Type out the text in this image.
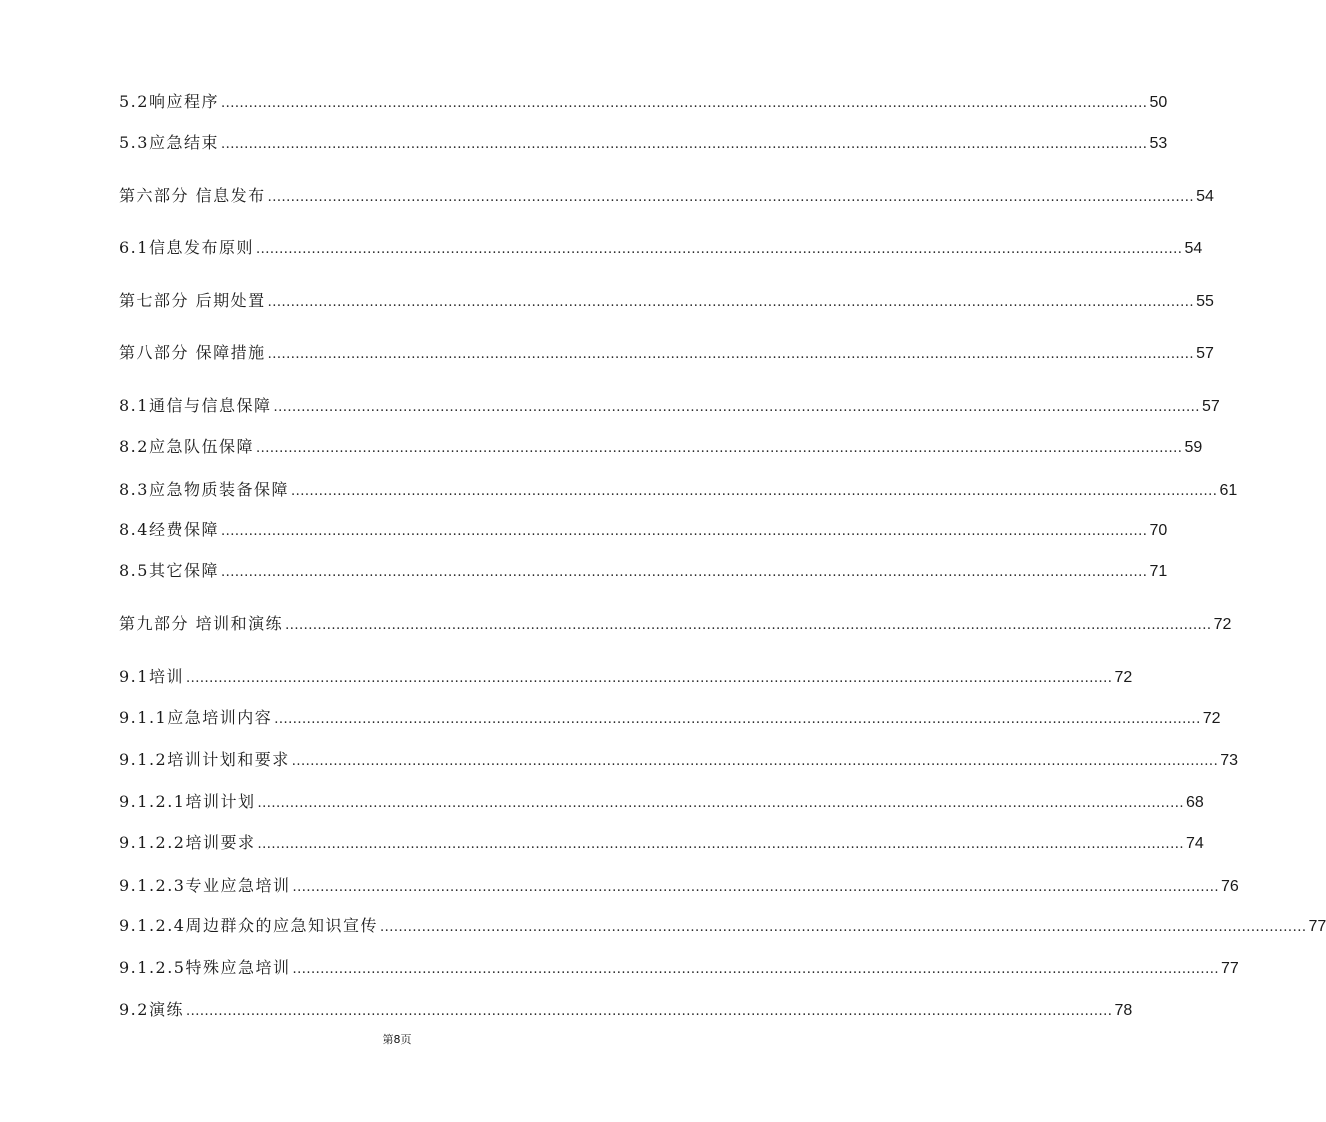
5.2 响应程序 ........................................................................................................................................................................................................ 50
5.3 应急结束 ........................................................................................................................................................................................................ 53
第六部分 信息发布 ........................................................................................................................................................................................................ 54
6.1 信息发布原则 ........................................................................................................................................................................................................ 54
第七部分 后期处置 ........................................................................................................................................................................................................ 55
第八部分 保障措施 ........................................................................................................................................................................................................ 57
8.1 通信与信息保障 ........................................................................................................................................................................................................ 57
8.2 应急队伍保障 ........................................................................................................................................................................................................ 59
8.3 应急物质装备保障 ........................................................................................................................................................................................................ 61
8.4 经费保障 ........................................................................................................................................................................................................ 70
8.5 其它保障 ........................................................................................................................................................................................................ 71
第九部分 培训和演练 ........................................................................................................................................................................................................ 72
9.1 培训 ........................................................................................................................................................................................................ 72
9.1.1 应急培训内容 ........................................................................................................................................................................................................ 72
9.1.2 培训计划和要求 ........................................................................................................................................................................................................ 73
9.1.2.1 培训计划 ........................................................................................................................................................................................................ 68
9.1.2.2 培训要求 ........................................................................................................................................................................................................ 74
9.1.2.3 专业应急培训 ........................................................................................................................................................................................................ 76
9.1.2.4 周边群众的应急知识宣传 ........................................................................................................................................................................................................ 77
9.1.2.5 特殊应急培训 ........................................................................................................................................................................................................ 77
9.2 演练 ........................................................................................................................................................................................................ 78
第8页
